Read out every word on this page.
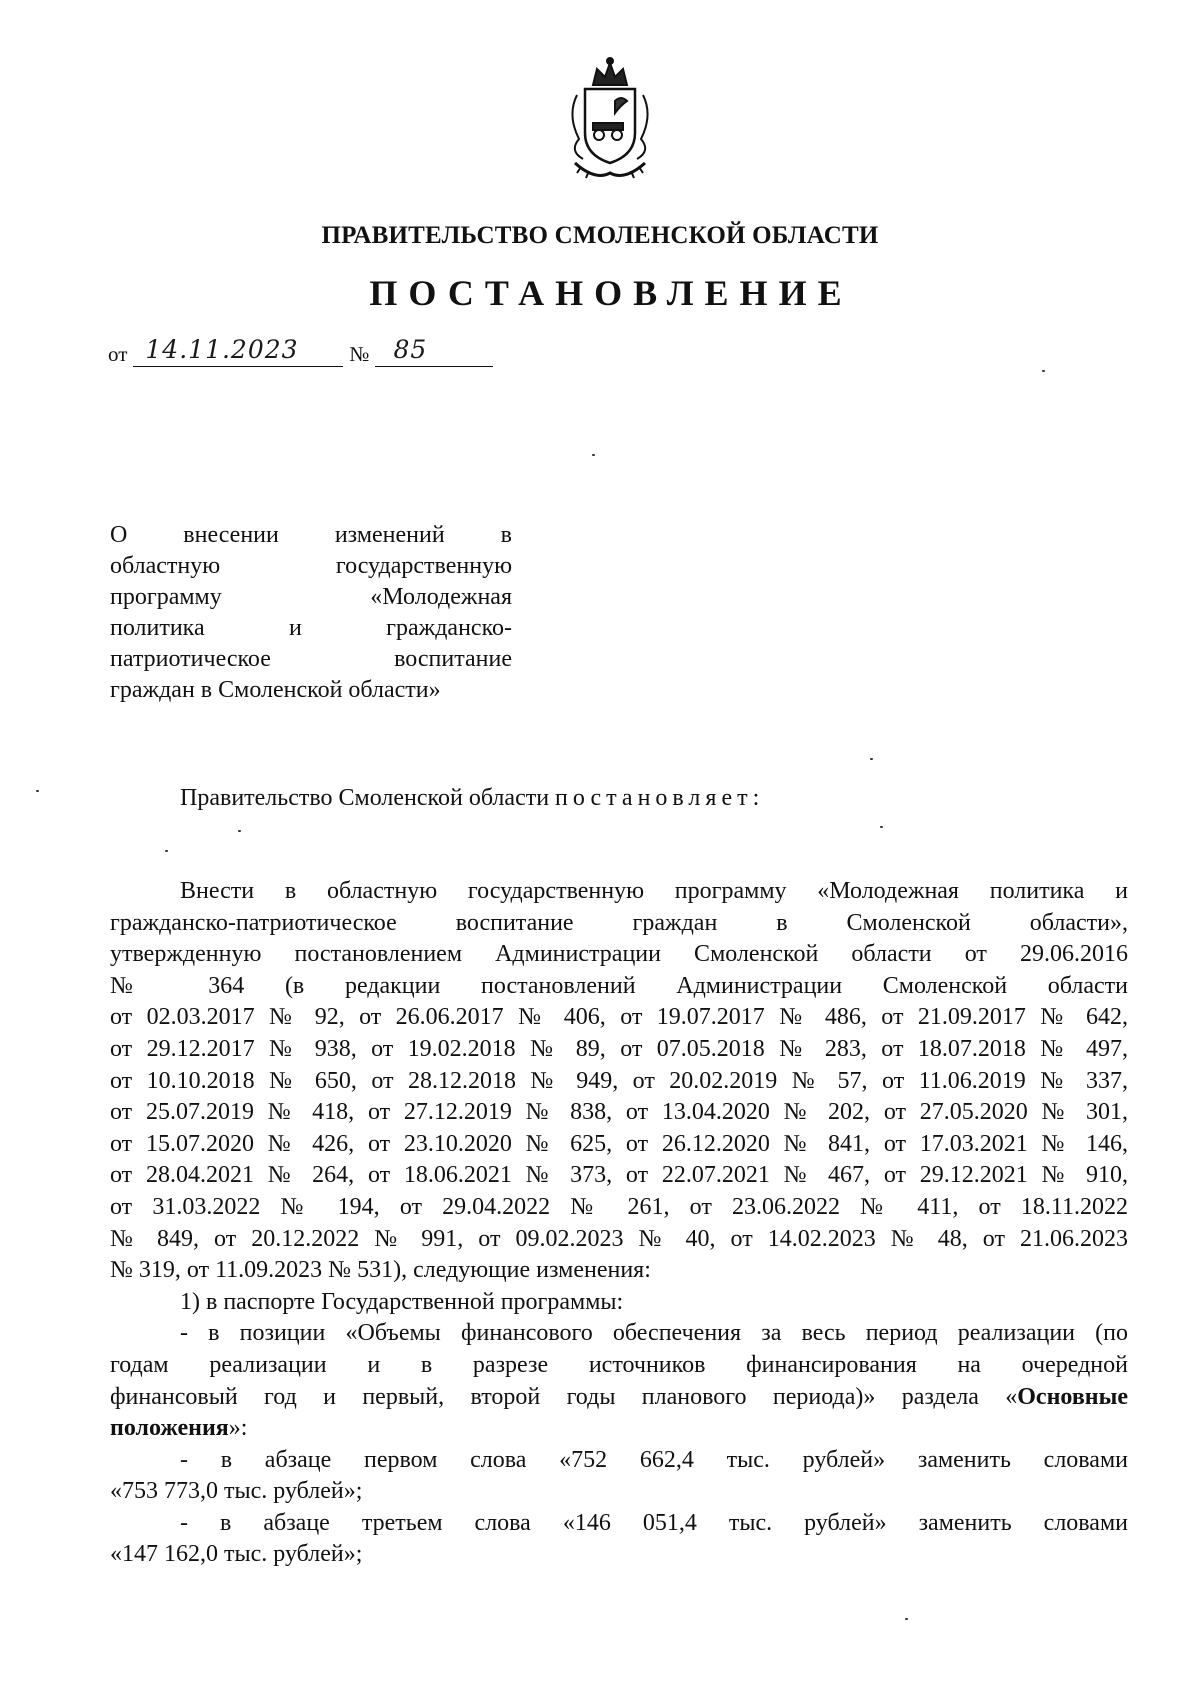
ПРАВИТЕЛЬСТВО СМОЛЕНСКОЙ ОБЛАСТИ
ПОСТАНОВЛЕНИЕ
от 14.11.2023 № 85
О внесении изменений в
областную государственную
программу «Молодежная
политика и гражданско-
патриотическое воспитание
граждан в Смоленской области»
Правительство Смоленской области постановляет:
Внести в областную государственную программу «Молодежная политика и
гражданско-патриотическое воспитание граждан в Смоленской области»,
утвержденную постановлением Администрации Смоленской области от 29.06.2016
№ 364 (в редакции постановлений Администрации Смоленской области
от 02.03.2017 № 92, от 26.06.2017 № 406, от 19.07.2017 № 486, от 21.09.2017 № 642,
от 29.12.2017 № 938, от 19.02.2018 № 89, от 07.05.2018 № 283, от 18.07.2018 № 497,
от 10.10.2018 № 650, от 28.12.2018 № 949, от 20.02.2019 № 57, от 11.06.2019 № 337,
от 25.07.2019 № 418, от 27.12.2019 № 838, от 13.04.2020 № 202, от 27.05.2020 № 301,
от 15.07.2020 № 426, от 23.10.2020 № 625, от 26.12.2020 № 841, от 17.03.2021 № 146,
от 28.04.2021 № 264, от 18.06.2021 № 373, от 22.07.2021 № 467, от 29.12.2021 № 910,
от 31.03.2022 № 194, от 29.04.2022 № 261, от 23.06.2022 № 411, от 18.11.2022
№ 849, от 20.12.2022 № 991, от 09.02.2023 № 40, от 14.02.2023 № 48, от 21.06.2023
№ 319, от 11.09.2023 № 531), следующие изменения:
1) в паспорте Государственной программы:
- в позиции «Объемы финансового обеспечения за весь период реализации (по
годам реализации и в разрезе источников финансирования на очередной
финансовый год и первый, второй годы планового периода)» раздела «Основные
положения»:
- в абзаце первом слова «752 662,4 тыс. рублей» заменить словами
«753 773,0 тыс. рублей»;
- в абзаце третьем слова «146 051,4 тыс. рублей» заменить словами
«147 162,0 тыс. рублей»;
